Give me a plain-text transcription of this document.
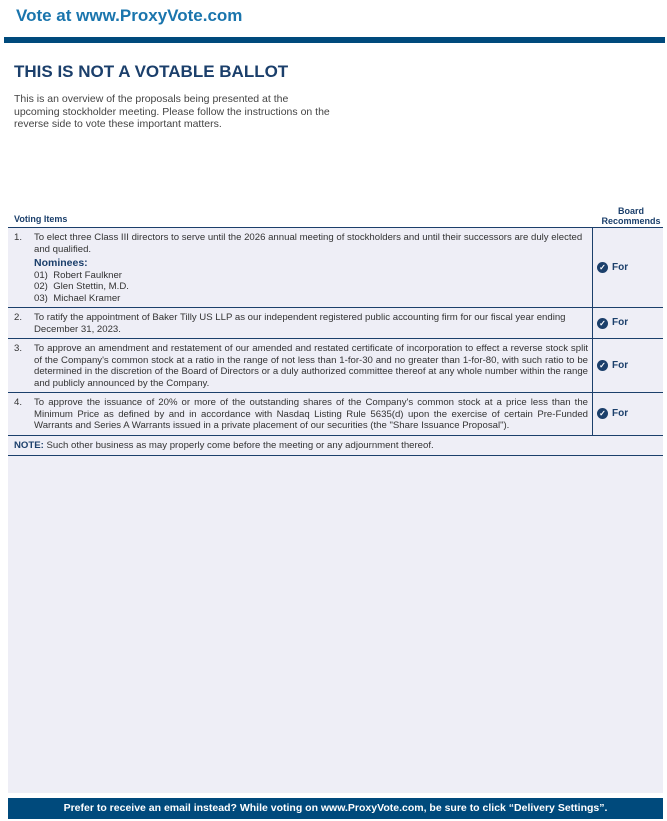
Vote at www.ProxyVote.com
THIS IS NOT A VOTABLE BALLOT
This is an overview of the proposals being presented at the upcoming stockholder meeting. Please follow the instructions on the reverse side to vote these important matters.
Voting Items
Board Recommends
1.	To elect three Class III directors to serve until the 2026 annual meeting of stockholders and until their successors are duly elected and qualified.
Nominees:
01)  Robert Faulkner
02)  Glen Stettin, M.D.
03)  Michael Kramer
✓ For
2.	To ratify the appointment of Baker Tilly US LLP as our independent registered public accounting firm for our fiscal year ending December 31, 2023.
✓ For
3.	To approve an amendment and restatement of our amended and restated certificate of incorporation to effect a reverse stock split of the Company's common stock at a ratio in the range of not less than 1-for-30 and no greater than 1-for-80, with such ratio to be determined in the discretion of the Board of Directors or a duly authorized committee thereof at any whole number within the range and publicly announced by the Company.
✓ For
4.	To approve the issuance of 20% or more of the outstanding shares of the Company's common stock at a price less than the Minimum Price as defined by and in accordance with Nasdaq Listing Rule 5635(d) upon the exercise of certain Pre-Funded Warrants and Series A Warrants issued in a private placement of our securities (the "Share Issuance Proposal").
✓ For
NOTE: Such other business as may properly come before the meeting or any adjournment thereof.
Prefer to receive an email instead? While voting on www.ProxyVote.com, be sure to click “Delivery Settings”.
